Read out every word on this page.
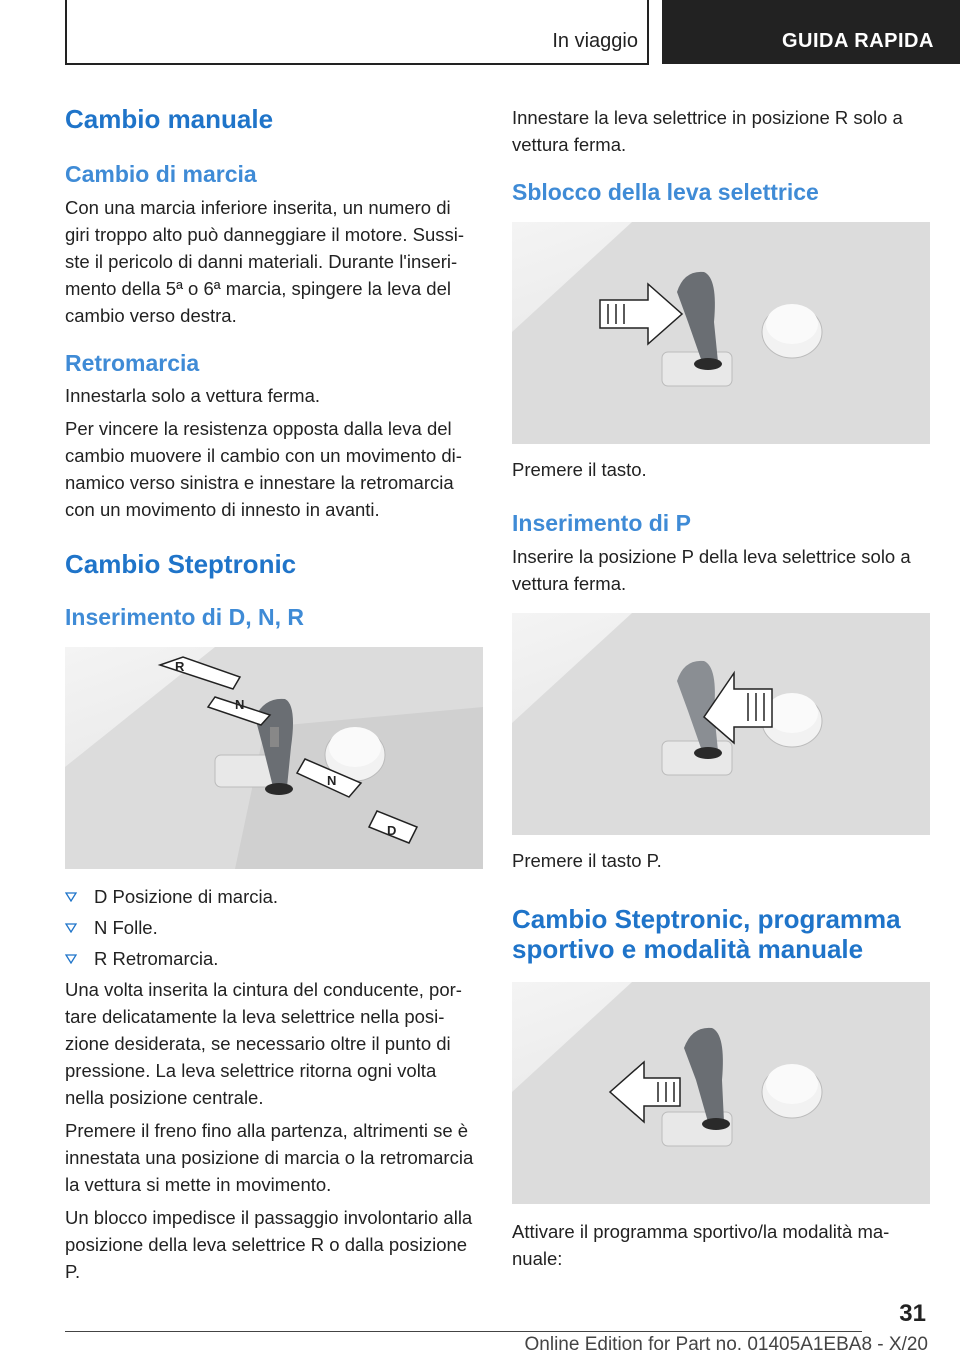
In viaggio	GUIDA RAPIDA
Cambio manuale
Cambio di marcia

Con una marcia inferiore inserita, un numero di giri troppo alto può danneggiare il motore. Sussiste il pericolo di danni materiali. Durante l'inserimento della 5ª o 6ª marcia, spingere la leva del cambio verso destra.

Retromarcia

Innestarla solo a vettura ferma.

Per vincere la resistenza opposta dalla leva del cambio muovere il cambio con un movimento dinamico verso sinistra e innestare la retromarcia con un movimento di innesto in avanti.

Cambio Steptronic
Inserimento di D, N, R
R
N
N
D
D Posizione di marcia.
N Folle.
R Retromarcia.

Una volta inserita la cintura del conducente, portare delicatamente la leva selettrice nella posizione desiderata, se necessario oltre il punto di pressione. La leva selettrice ritorna ogni volta nella posizione centrale.

Premere il freno fino alla partenza, altrimenti se è innestata una posizione di marcia o la retromarcia la vettura si mette in movimento.

Un blocco impedisce il passaggio involontario alla posizione della leva selettrice R o dalla posizione P.

Innestare la leva selettrice in posizione R solo a vettura ferma.

Sblocco della leva selettrice

Premere il tasto.

Inserimento di P

Inserire la posizione P della leva selettrice solo a vettura ferma.

Premere il tasto P.

Cambio Steptronic, programma sportivo e modalità manuale

Attivare il programma sportivo/la modalità manuale:

31
Online Edition for Part no. 01405A1EBA8 - X/20
